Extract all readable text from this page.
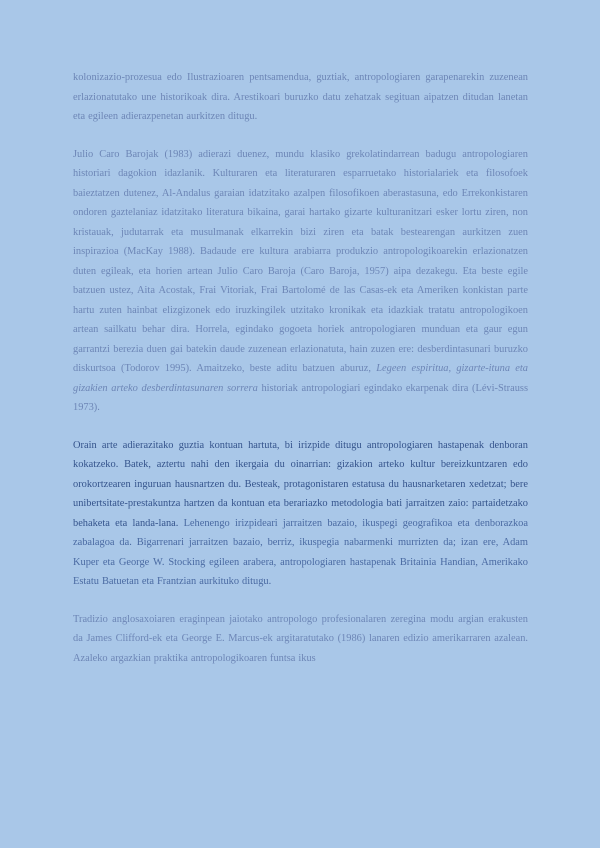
kolonizazio-prozesua edo Ilustrazioaren pentsamendua, guztiak, antropologiaren garapenarekin zuzenean erlazionatutako une historikoak dira. Arestikoari buruzko datu zehatzak segituan aipatzen ditudan lanetan eta egileen adierazpenetan aurkitzen ditugu.

Julio Caro Barojak (1983) adierazi duenez, mundu klasiko grekolatindarrean badugu antropologiaren historiari dagokion idazlanik. Kulturaren eta literaturaren esparruetako historialariek eta filosofoek baieztatzen dutenez, Al-Andalus garaian idatzitako azalpen filosofikoen aberastasuna, edo Errekonkistaren ondoren gaztelaniaz idatzitako literatura bikaina, garai hartako gizarte kulturanitzari esker lortu ziren, non kristauak, judutarrak eta musulmanak elkarrekin bizi ziren eta batak bestearengan aurkitzen zuen inspirazioa (MacKay 1988). Badaude ere kultura arabiarra produkzio antropologikoarekin erlazionatzen duten egileak, eta horien artean Julio Caro Baroja (Caro Baroja, 1957) aipa dezakegu. Eta beste egile batzuen ustez, Aita Acostak, Frai Vitoriak, Frai Bartolomé de las Casas-ek eta Ameriken konkistan parte hartu zuten hainbat elizgizonek edo iruzkingilek utzitako kronikak eta idazkiak tratatu antropologikoen artean sailkatu behar dira. Horrela, egindako gogoeta horiek antropologiaren munduan eta gaur egun garrantzi berezia duen gai batekin daude zuzenean erlazionatuta, hain zuzen ere: desberdintasunari buruzko diskurtsoa (Todorov 1995). Amaitzeko, beste aditu batzuen aburuz, Legeen espiritua, gizarte-ituna eta gizakien arteko desberdintasunaren sorrera historiak antropologiari egindako ekarpenak dira (Lévi-Strauss 1973).

Orain arte adierazitako guztia kontuan hartuta, bi irizpide ditugu antropologiaren hastapenak denboran kokatzeko. Batek, aztertu nahi den ikergaia du oinarrian: gizakion arteko kultur bereizkuntzaren edo orokortzearen inguruan hausnartzen du. Besteak, protagonistaren estatusa du hausnarketaren xedetzat; bere unibertsitate-prestakuntza hartzen da kontuan eta berariazko metodologia bati jarraitzen zaio: partaidetzako behaketa eta landa-lana. Lehenengo irizpideari jarraitzen bazaio, ikuspegi geografikoa eta denborazkoa zabalagoa da. Bigarrenari jarraitzen bazaio, berriz, ikuspegia nabarmenki murrizten da; izan ere, Adam Kuper eta George W. Stocking egileen arabera, antropologiaren hastapenak Britainia Handian, Amerikako Estatu Batuetan eta Frantzian aurkituko ditugu.

Tradizio anglosaxoiaren eraginpean jaiotako antropologo profesionalaren zeregina modu argian erakusten da James Clifford-ek eta George E. Marcus-ek argitaratutako (1986) lanaren edizio amerikarraren azalean. Azaleko argazkian praktika antropologikoaren funtsa ikus
